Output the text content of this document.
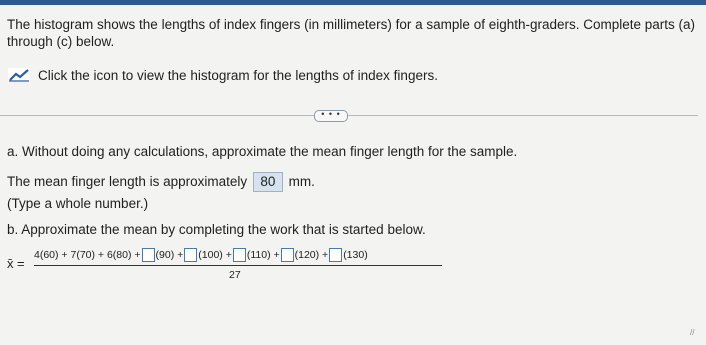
The histogram shows the lengths of index fingers (in millimeters) for a sample of eighth-graders. Complete parts (a) through (c) below.
Click the icon to view the histogram for the lengths of index fingers.
• • •
a. Without doing any calculations, approximate the mean finger length for the sample.
The mean finger length is approximately 80 mm.
(Type a whole number.)
b. Approximate the mean by completing the work that is started below.
x̄ =
4(60) + 7(70) + 6(80) + (90) + (100) + (110) + (120) + (130)
27
//
